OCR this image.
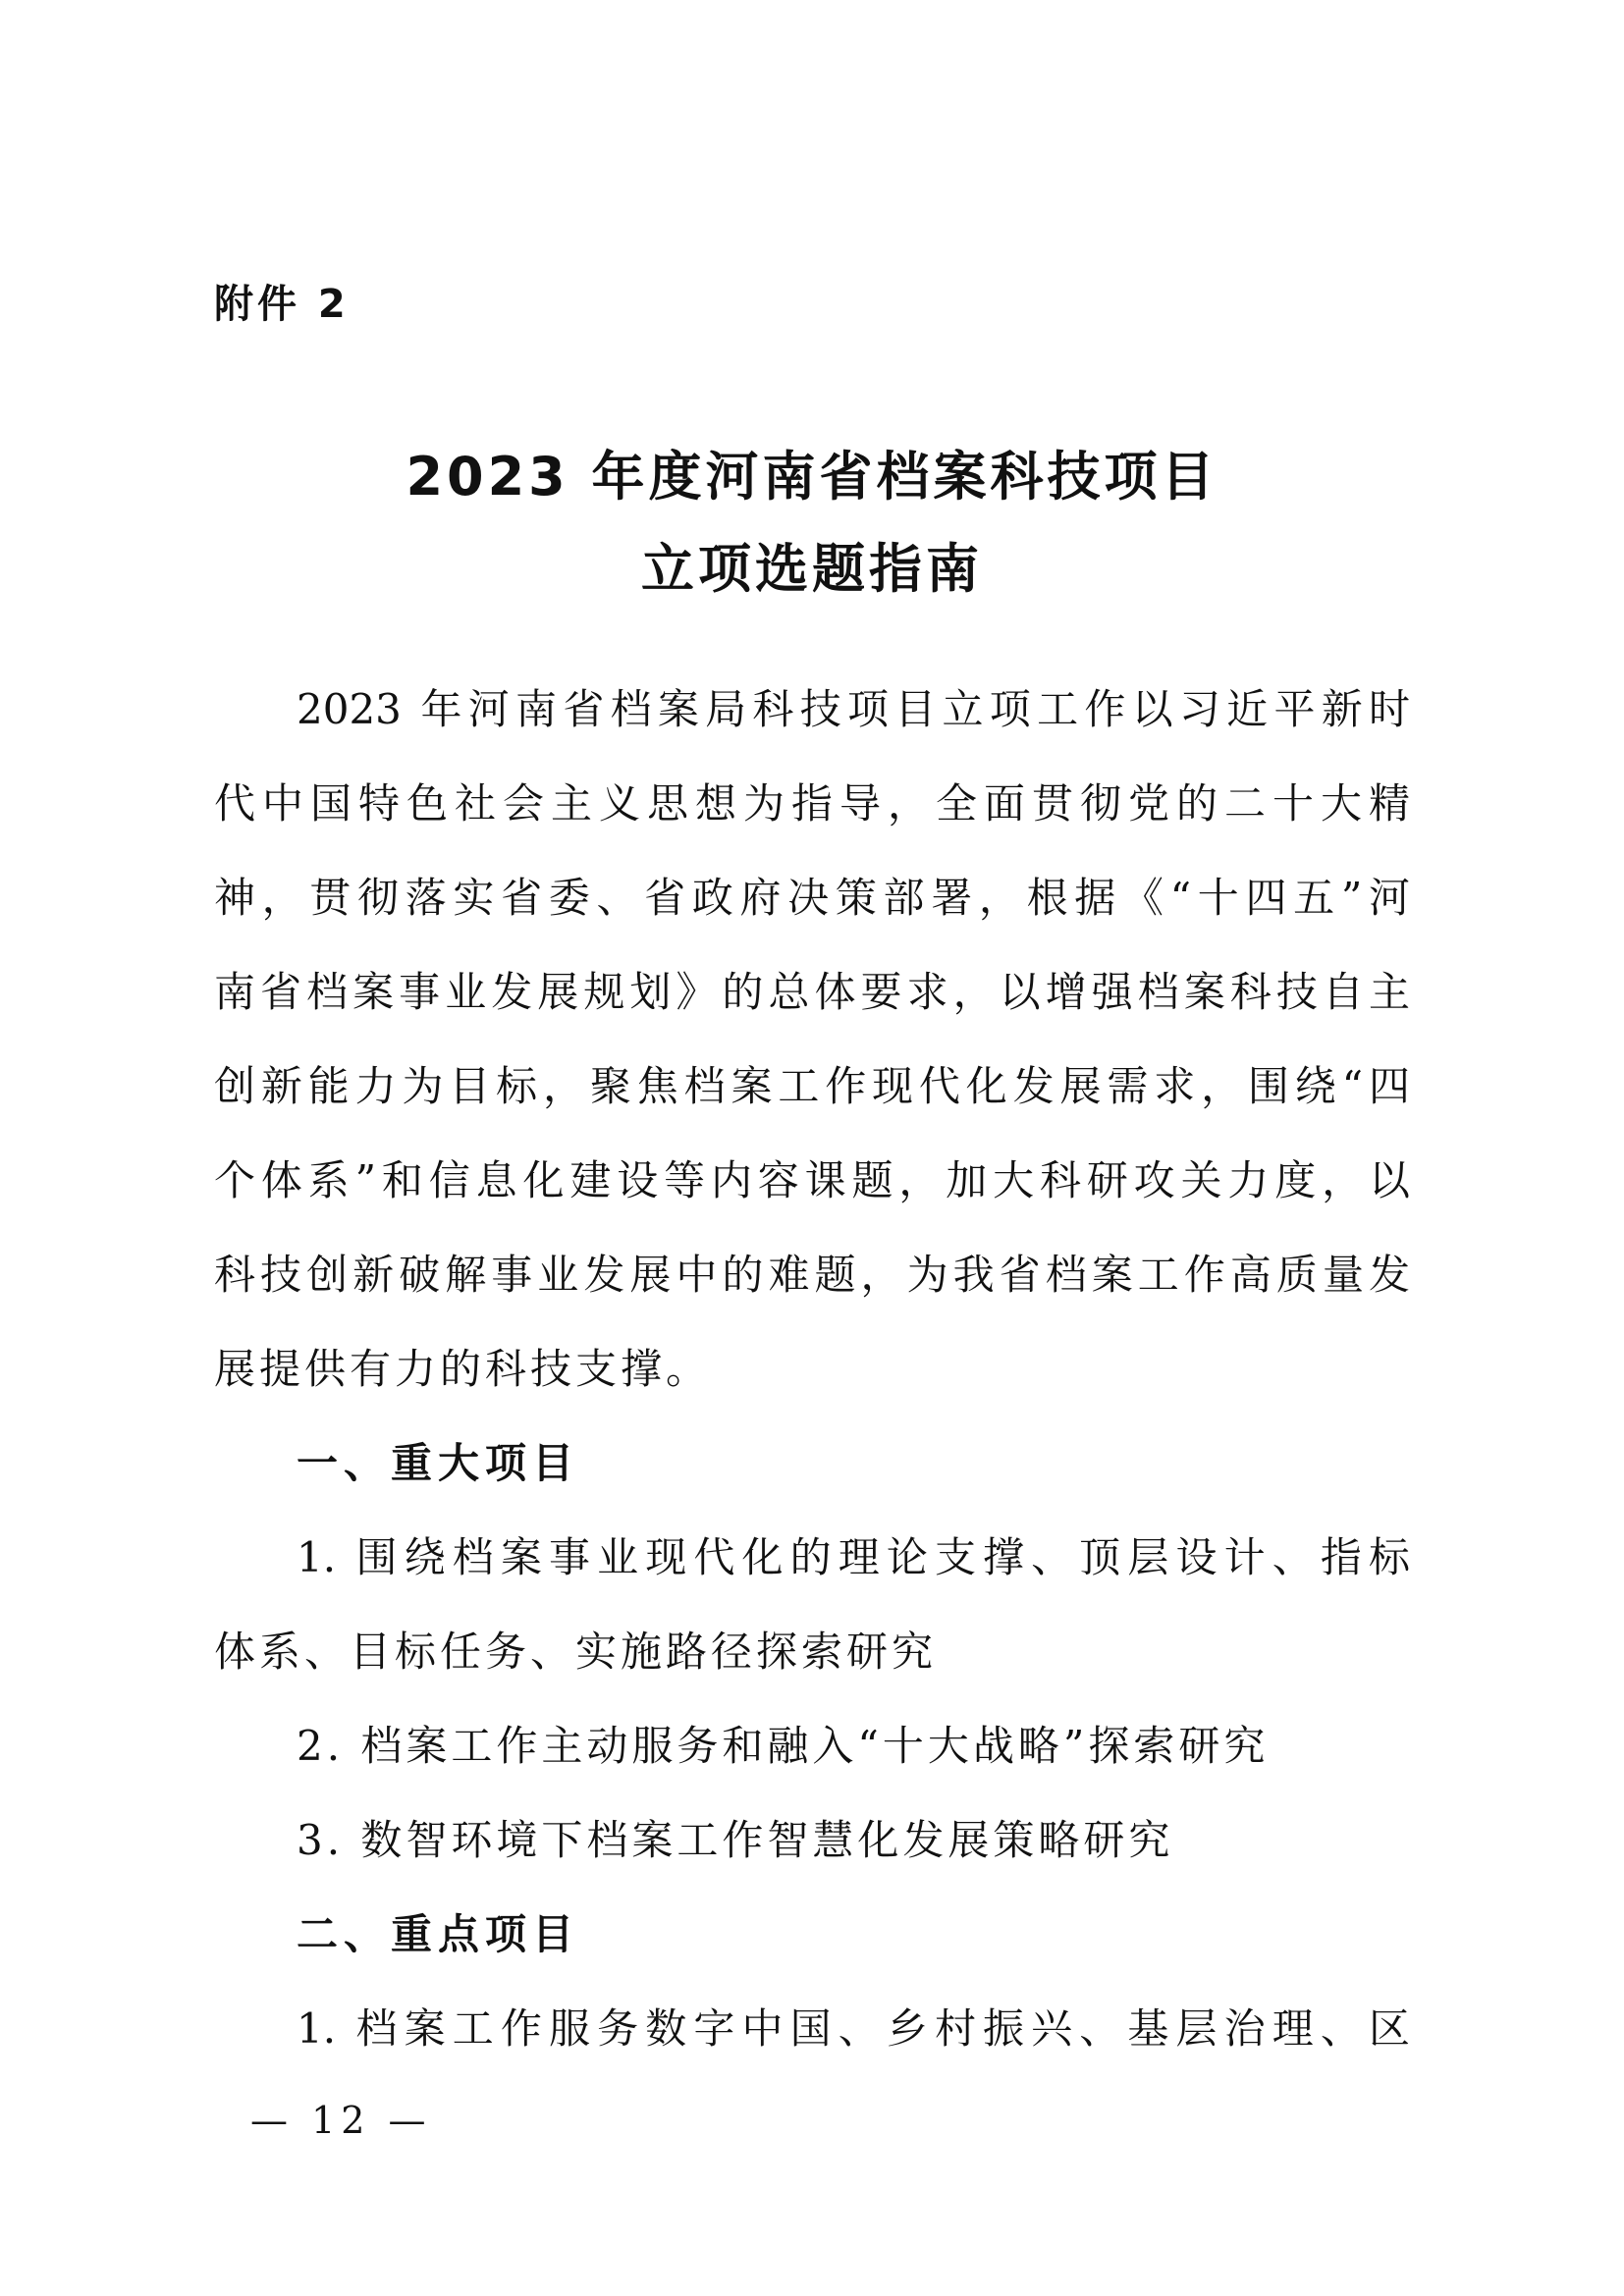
附件 2
2023 年度河南省档案科技项目
立项选题指南
2023 年河南省档案局科技项目立项工作以习近平新时
代中国特色社会主义思想为指导，全面贯彻党的二十大精
神，贯彻落实省委、省政府决策部署，根据《“十四五”河
南省档案事业发展规划》的总体要求，以增强档案科技自主
创新能力为目标，聚焦档案工作现代化发展需求，围绕“四
个体系”和信息化建设等内容课题，加大科研攻关力度，以
科技创新破解事业发展中的难题，为我省档案工作高质量发
展提供有力的科技支撑。
一、重大项目
1. 围绕档案事业现代化的理论支撑、顶层设计、指标
体系、目标任务、实施路径探索研究
2. 档案工作主动服务和融入“十大战略”探索研究
3. 数智环境下档案工作智慧化发展策略研究
二、重点项目
1. 档案工作服务数字中国、乡村振兴、基层治理、区
— 12 —
